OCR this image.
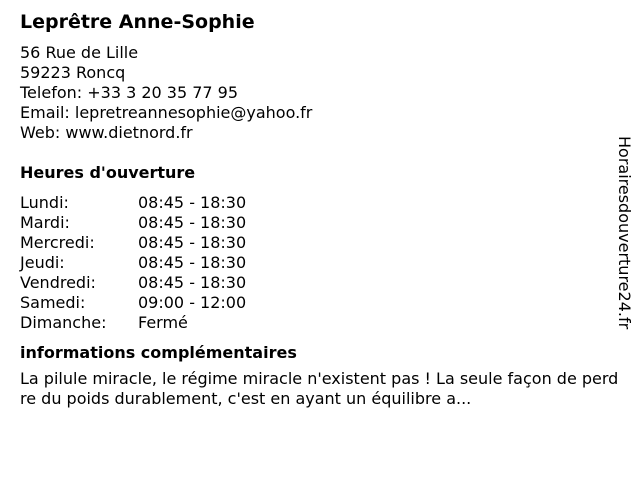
Leprêtre Anne-Sophie
56 Rue de Lille
59223 Roncq
Telefon: +33 3 20 35 77 95
Email: lepretreannesophie@yahoo.fr
Web: www.dietnord.fr
Heures d'ouverture
Lundi:	08:45 - 18:30
Mardi:	08:45 - 18:30
Mercredi:	08:45 - 18:30
Jeudi:	08:45 - 18:30
Vendredi:	08:45 - 18:30
Samedi:	09:00 - 12:00
Dimanche:	Fermé
informations complémentaires
La pilule miracle, le régime miracle n'existent pas ! La seule façon de perdre du poids durablement, c'est en ayant un équilibre a...
Horairesdouverture24.fr
